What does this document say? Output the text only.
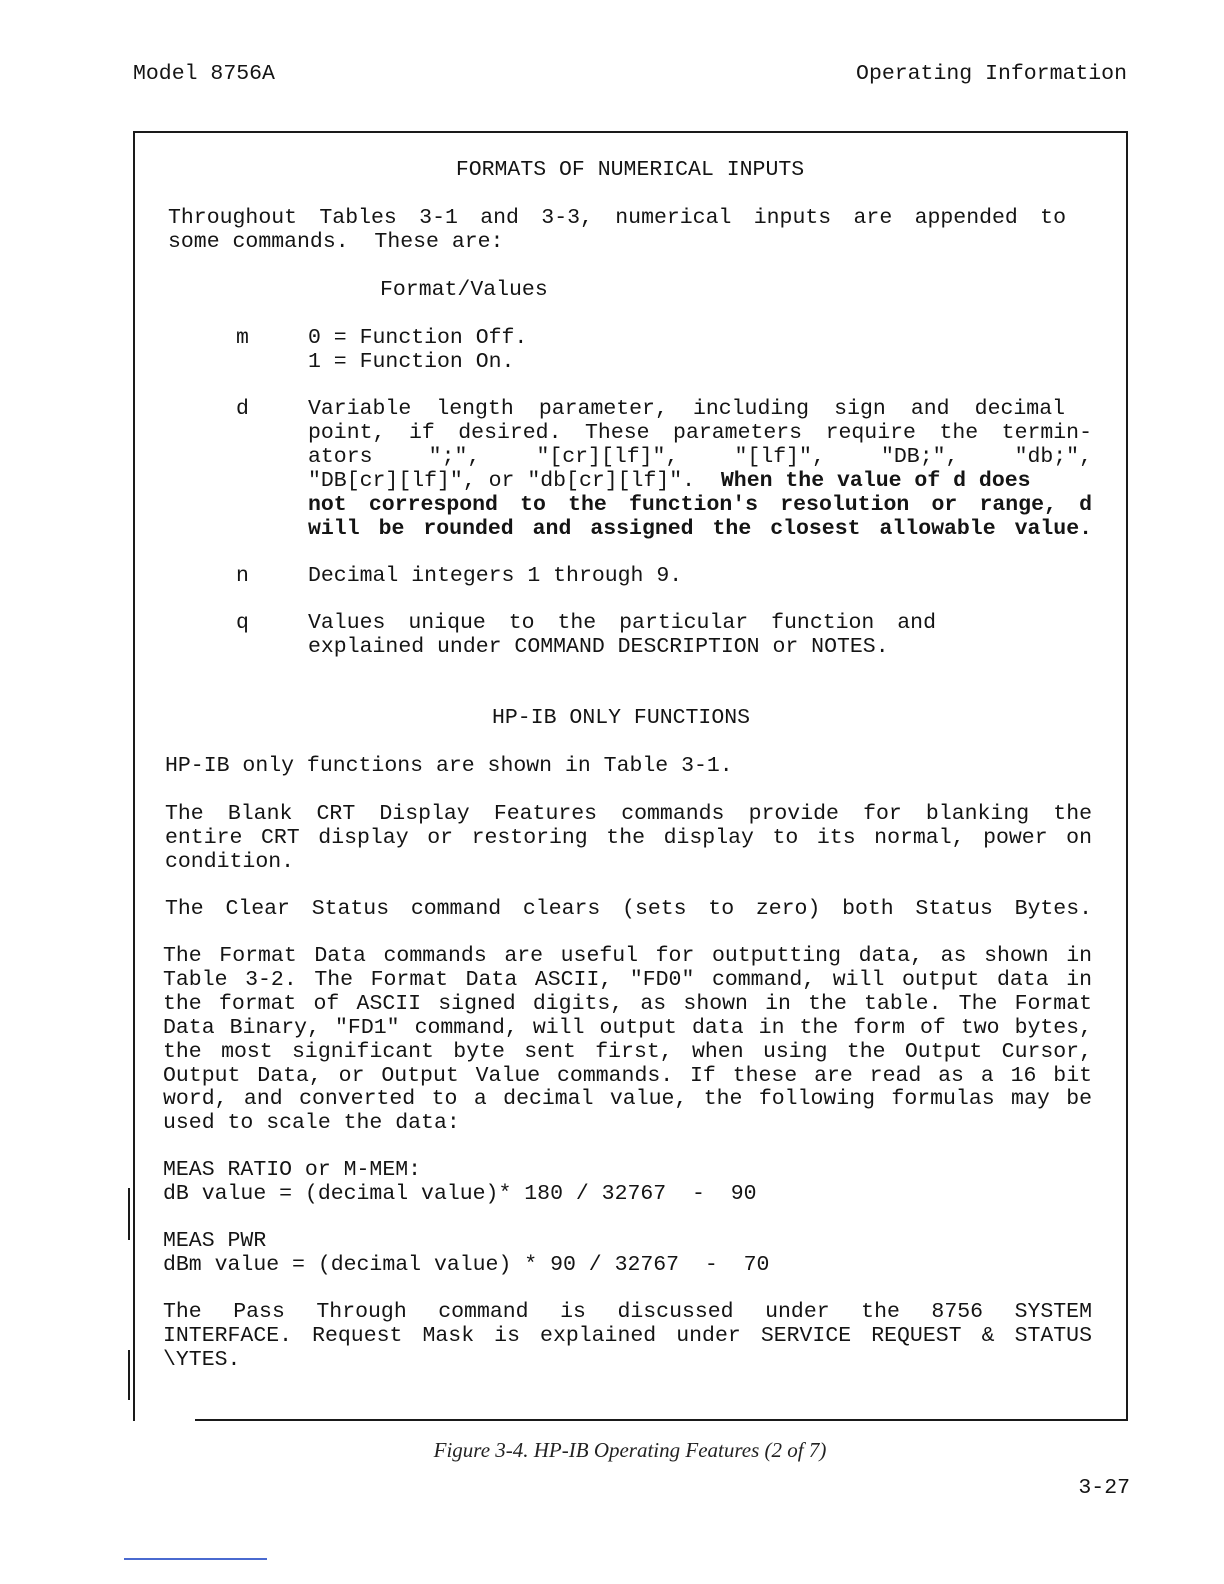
Model 8756A	Operating Information
FORMATS OF NUMERICAL INPUTS

Throughout Tables 3-1 and 3-3, numerical inputs are appended to

some commands.  These are:

Format/Values
m	0 = Function Off.
1 = Function On.
d	Variable length parameter, including sign and decimal

point, if desired. These parameters require the termin-

ators ";", "[cr][lf]", "[lf]", "DB;", "db;",

"DB[cr][lf]", or "db[cr][lf]". When the value of d does

not correspond to the function's resolution or range, d

will be rounded and assigned the closest allowable value.

n	Decimal integers 1 through 9.
q	Values unique to the particular function and

explained under COMMAND DESCRIPTION or NOTES.
HP-IB ONLY FUNCTIONS
HP-IB only functions are shown in Table 3-1.

The Blank CRT Display Features commands provide for blanking the

entire CRT display or restoring the display to its normal, power on

condition.

The Clear Status command clears (sets to zero) both Status Bytes.

The Format Data commands are useful for outputting data, as shown in

Table 3-2. The Format Data ASCII, "FD0" command, will output data in

the format of ASCII signed digits, as shown in the table. The Format

Data Binary, "FD1" command, will output data in the form of two bytes,

the most significant byte sent first, when using the Output Cursor,

Output Data, or Output Value commands. If these are read as a 16 bit

word, and converted to a decimal value, the following formulas may be

used to scale the data:

MEAS RATIO or M-MEM:
dB value = (decimal value)* 180 / 32767  -  90
MEAS PWR
dBm value = (decimal value) * 90 / 32767  -  70

The Pass Through command is discussed under the 8756 SYSTEM

INTERFACE. Request Mask is explained under SERVICE REQUEST & STATUS

\YTES.

Figure 3-4. HP-IB Operating Features (2 of 7)
3-27
